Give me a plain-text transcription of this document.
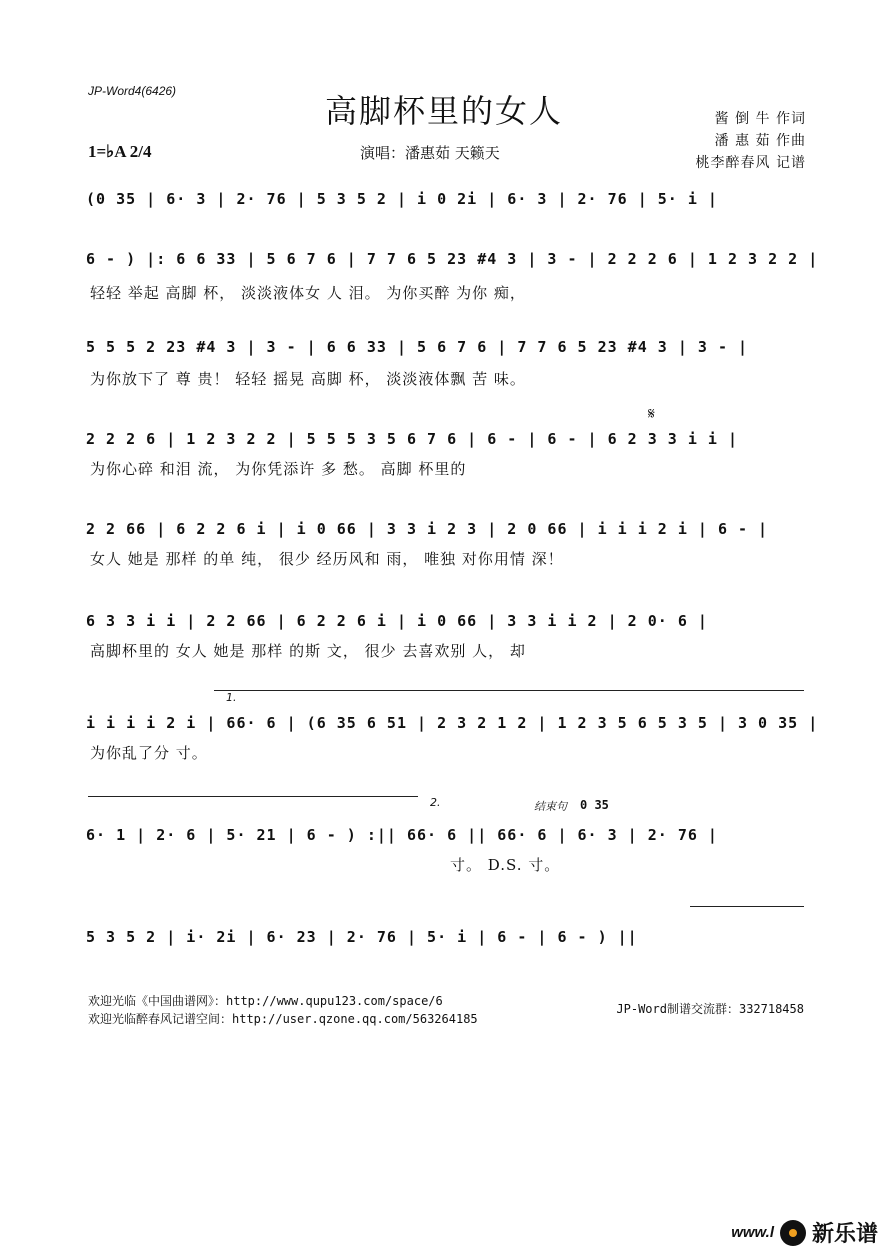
JP-Word4(6426)
高脚杯里的女人
1=♭A 2/4	演唱：潘惠茹 天籁天
酱 倒 牛 作词
潘 惠 茹 作曲
桃李醉春风 记谱
(0 35 | 6· 3 | 2· 76 | 5 3 5 2 | i 0 2i | 6· 3 | 2· 76 | 5· i |
6 - ) |: 6 6 33 | 5 6 7 6 | 7 7 6 5 23 #4 3 | 3 - | 2 2 2 6 | 1 2 3 2 2 |
轻轻 举起 高脚 杯， 淡淡液体女 人 泪。 为你买醉 为你 痴，
5 5 5 2 23 #4 3 | 3 - | 6 6 33 | 5 6 7 6 | 7 7 6 5 23 #4 3 | 3 - |
为你放下了 尊 贵！ 轻轻 摇晃 高脚 杯， 淡淡液体飘 苦 味。
𝄋
2 2 2 6 | 1 2 3 2 2 | 5 5 5 3 5 6 7 6 | 6 - | 6 - | 6 2 3 3 i i |
为你心碎 和泪 流， 为你凭添许 多 愁。 高脚 杯里的
2 2 66 | 6 2 2 6 i | i 0 66 | 3 3 i 2 3 | 2 0 66 | i i i 2 i | 6 - |
女人 她是 那样 的单 纯， 很少 经历风和 雨， 唯独 对你用情 深！
6 3 3 i i | 2 2 66 | 6 2 2 6 i | i 0 66 | 3 3 i i 2 | 2 0· 6 |
高脚杯里的 女人 她是 那样 的斯 文， 很少 去喜欢别 人， 却
1.
i i i i 2 i | 66· 6 | (6 35 6 51 | 2 3 2 1 2 | 1 2 3 5 6 5 3 5 | 3 0 35 |
为你乱了分 寸。
2.	结束句 0 35
6· 1 | 2· 6 | 5· 21 | 6 - ) :|| 66· 6 || 66· 6 | 6· 3 | 2· 76 |
寸。 D.S. 寸。
5 3 5 2 | i· 2i | 6· 23 | 2· 76 | 5· i | 6 - | 6 - ) ||
欢迎光临《中国曲谱网》：http://www.qupu123.com/space/6
欢迎光临醉春风记谱空间：http://user.qzone.qq.com/563264185
JP-Word制谱交流群：332718458
www.l 新乐谱
